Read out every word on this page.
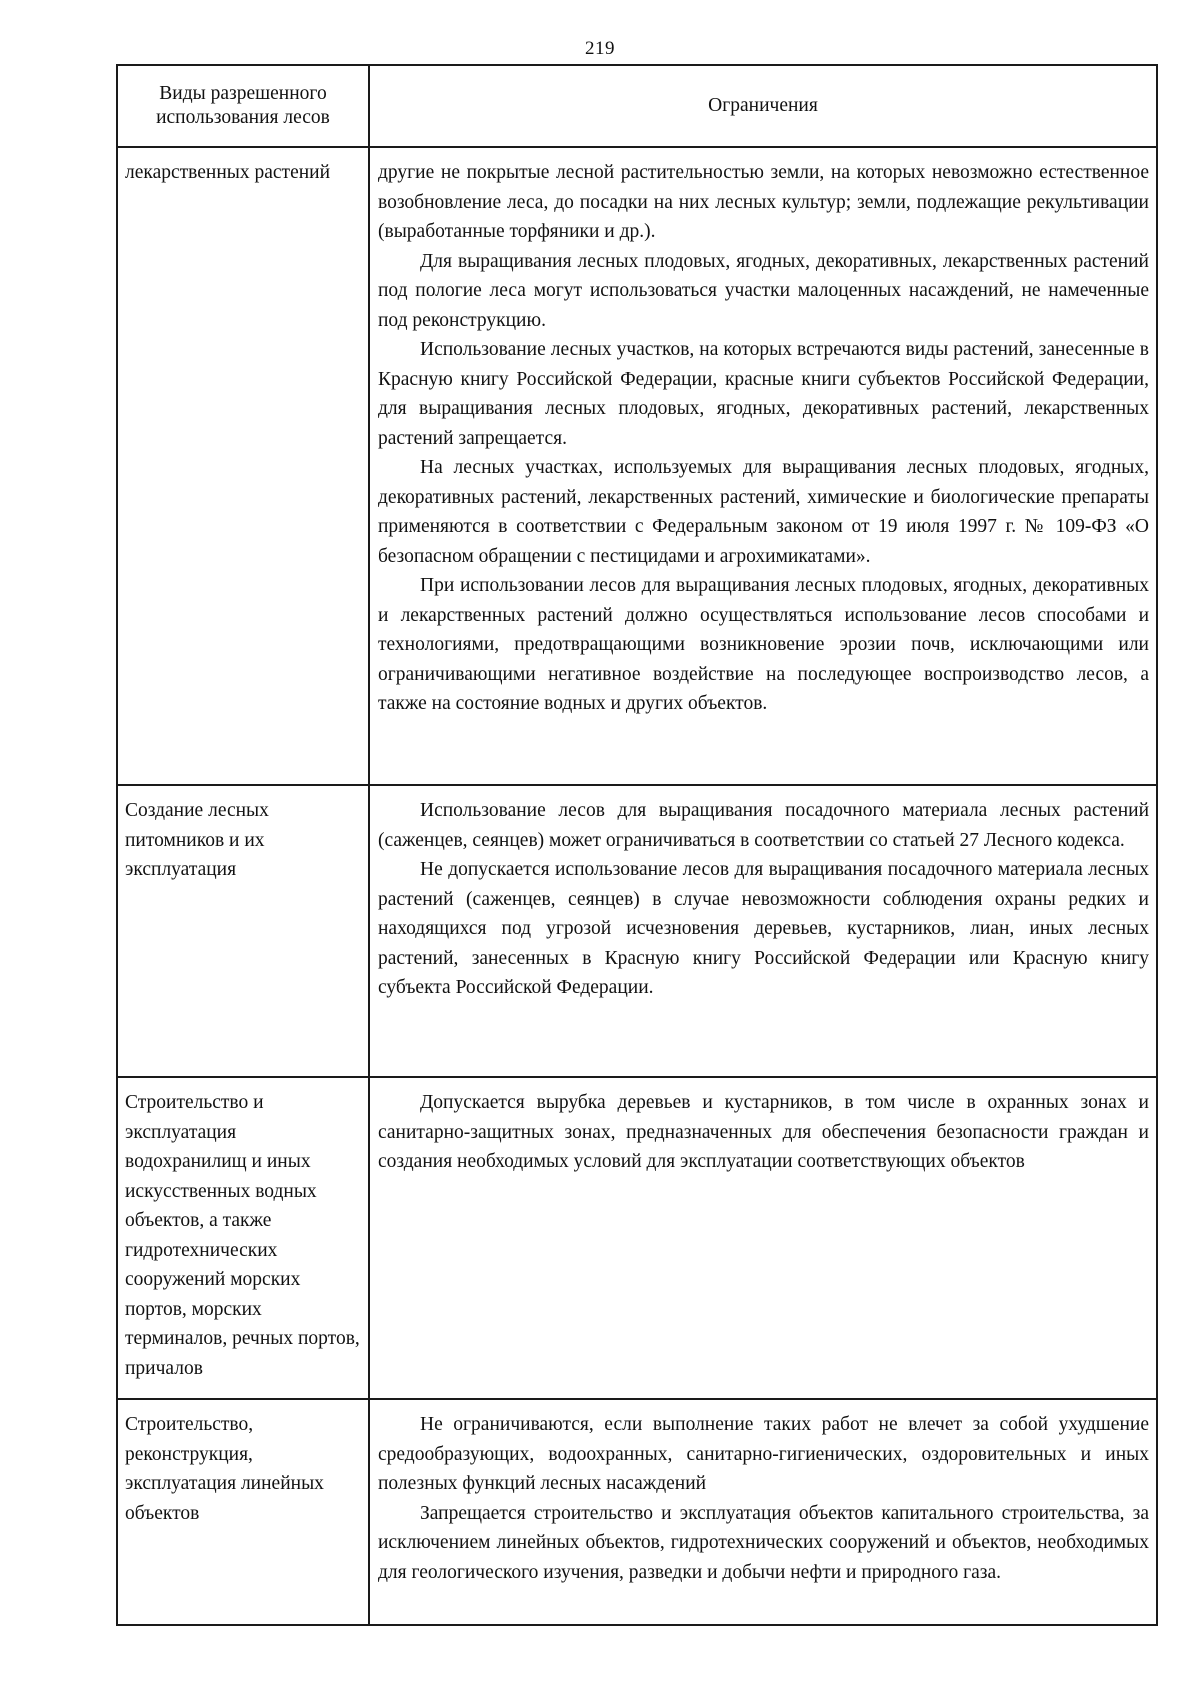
219
Виды разрешенного использования лесов	Ограничения
лекарственных растений	другие не покрытые лесной растительностью земли, на которых невозможно естественное возобновление леса, до посадки на них лесных культур; земли, подлежащие рекультивации (выработанные торфяники и др.).

Для выращивания лесных плодовых, ягодных, декоративных, лекарственных растений под пологие леса могут использоваться участки малоценных насаждений, не намеченные под реконструкцию.

Использование лесных участков, на которых встречаются виды растений, занесенные в Красную книгу Российской Федерации, красные книги субъектов Российской Федерации, для выращивания лесных плодовых, ягодных, декоративных растений, лекарственных растений запрещается.

На лесных участках, используемых для выращивания лесных плодовых, ягодных, декоративных растений, лекарственных растений, химические и биологические препараты применяются в соответствии с Федеральным законом от 19 июля 1997 г. № 109-ФЗ «О безопасном обращении с пестицидами и агрохимикатами».

При использовании лесов для выращивания лесных плодовых, ягодных, декоративных и лекарственных растений должно осуществляться использование лесов способами и технологиями, предотвращающими возникновение эрозии почв, исключающими или ограничивающими негативное воздействие на последующее воспроизводство лесов, а также на состояние водных и других объектов.

Создание лесных питомников и их эксплуатация	Использование лесов для выращивания посадочного материала лесных растений (саженцев, сеянцев) может ограничиваться в соответствии со статьей 27 Лесного кодекса.

Не допускается использование лесов для выращивания посадочного материала лесных растений (саженцев, сеянцев) в случае невозможности соблюдения охраны редких и находящихся под угрозой исчезновения деревьев, кустарников, лиан, иных лесных растений, занесенных в Красную книгу Российской Федерации или Красную книгу субъекта Российской Федерации.

Строительство и эксплуатация водохранилищ и иных искусственных водных объектов, а также гидротехнических сооружений морских портов, морских терминалов, речных портов, причалов	Допускается вырубка деревьев и кустарников, в том числе в охранных зонах и санитарно-защитных зонах, предназначенных для обеспечения безопасности граждан и создания необходимых условий для эксплуатации соответствующих объектов

Строительство, реконструкция, эксплуатация линейных объектов	Не ограничиваются, если выполнение таких работ не влечет за собой ухудшение средообразующих, водоохранных, санитарно-гигиенических, оздоровительных и иных полезных функций лесных насаждений

Запрещается строительство и эксплуатация объектов капитального строительства, за исключением линейных объектов, гидротехнических сооружений и объектов, необходимых для геологического изучения, разведки и добычи нефти и природного газа.
